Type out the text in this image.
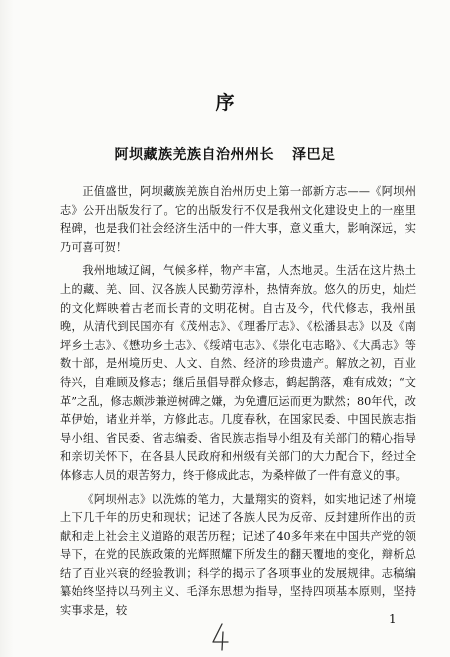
序
阿坝藏族羌族自治州州长 泽巴足

正值盛世，阿坝藏族羌族自治州历史上第一部新方志——《阿坝州志》公开出版发行了。它的出版发行不仅是我州文化建设史上的一座里程碑，也是我们社会经济生活中的一件大事，意义重大，影响深远，实乃可喜可贺！

我州地域辽阔，气候多样，物产丰富，人杰地灵。生活在这片热土上的藏、羌、回、汉各族人民勤劳淳朴，热情奔放。悠久的历史，灿烂的文化辉映着古老而长青的文明花树。自古及今，代代修志，我州虽晚，从清代到民国亦有《茂州志》、《理番厅志》、《松潘县志》以及《南坪乡土志》、《懋功乡土志》、《绥靖屯志》、《崇化屯志略》、《大禹志》等数十部，是州境历史、人文、自然、经济的珍贵遗产。解放之初，百业待兴，自难顾及修志；继后虽倡导群众修志，鹤起鹊落，难有成效；“文革”之乱，修志颇涉兼逆树碑之嫌，为免遭厄运而更为默然；80年代，改革伊始，诸业并举，方修此志。几度春秋，在国家民委、中国民族志指导小组、省民委、省志编委、省民族志指导小组及有关部门的精心指导和亲切关怀下，在各县人民政府和州级有关部门的大力配合下，经过全体修志人员的艰苦努力，终于修成此志，为桑梓做了一件有意义的事。

《阿坝州志》以洗炼的笔力，大量翔实的资料，如实地记述了州境上下几千年的历史和现状；记述了各族人民为反帝、反封建所作出的贡献和走上社会主义道路的艰苦历程；记述了40多年来在中国共产党的领导下，在党的民族政策的光辉照耀下所发生的翻天覆地的变化，辩析总结了百业兴衰的经验教训；科学的揭示了各项事业的发展规律。志稿编纂始终坚持以马列主义、毛泽东思想为指导，坚持四项基本原则，坚持实事求是，较

1
